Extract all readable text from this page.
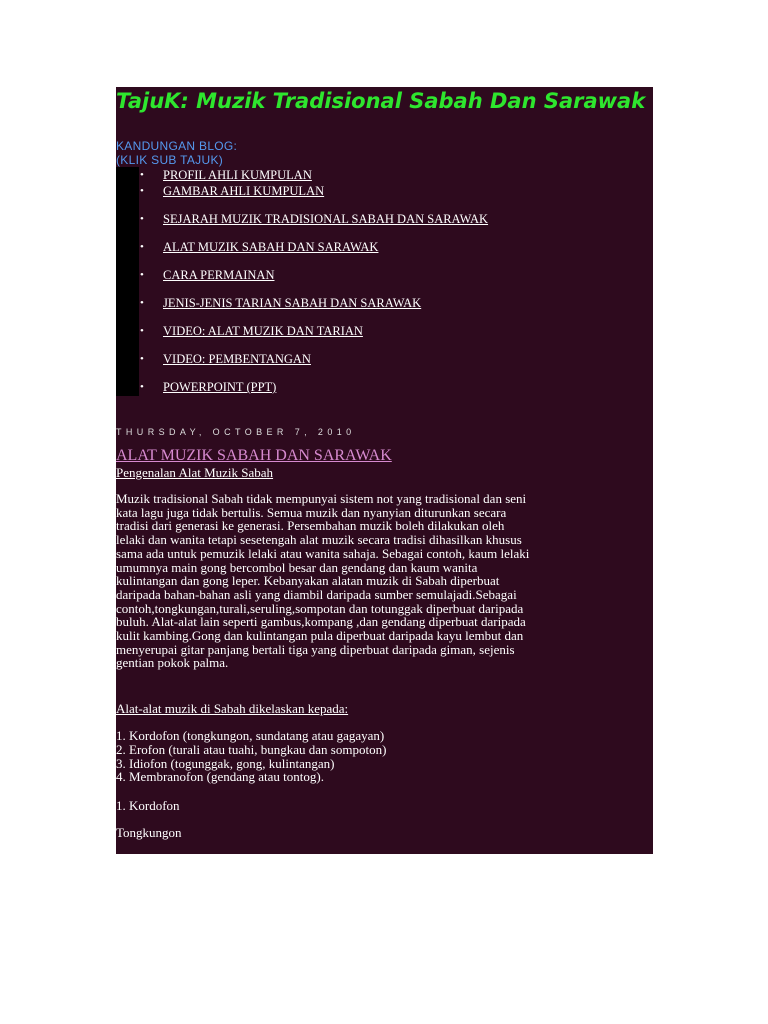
TajuK: Muzik Tradisional Sabah Dan Sarawak
KANDUNGAN BLOG:
(KLIK SUB TAJUK)
• PROFIL AHLI KUMPULAN
• GAMBAR AHLI KUMPULAN
• SEJARAH MUZIK TRADISIONAL SABAH DAN SARAWAK
• ALAT MUZIK SABAH DAN SARAWAK
• CARA PERMAINAN
• JENIS-JENIS TARIAN SABAH DAN SARAWAK
• VIDEO: ALAT MUZIK DAN TARIAN
• VIDEO: PEMBENTANGAN
• POWERPOINT (PPT)
THURSDAY, OCTOBER 7, 2010
ALAT MUZIK SABAH DAN SARAWAK
Pengenalan Alat Muzik Sabah
Muzik tradisional Sabah tidak mempunyai sistem not yang tradisional dan seni
kata lagu juga tidak bertulis. Semua muzik dan nyanyian diturunkan secara
tradisi dari generasi ke generasi. Persembahan muzik boleh dilakukan oleh
lelaki dan wanita tetapi sesetengah alat muzik secara tradisi dihasilkan khusus
sama ada untuk pemuzik lelaki atau wanita sahaja. Sebagai contoh, kaum lelaki
umumnya main gong bercombol besar dan gendang dan kaum wanita
kulintangan dan gong leper. Kebanyakan alatan muzik di Sabah diperbuat
daripada bahan-bahan asli yang diambil daripada sumber semulajadi.Sebagai
contoh,tongkungan,turali,seruling,sompotan dan totunggak diperbuat daripada
buluh. Alat-alat lain seperti gambus,kompang ,dan gendang diperbuat daripada
kulit kambing.Gong dan kulintangan pula diperbuat daripada kayu lembut dan
menyerupai gitar panjang bertali tiga yang diperbuat daripada giman, sejenis
gentian pokok palma.
Alat-alat muzik di Sabah dikelaskan kepada:
1. Kordofon (tongkungon, sundatang atau gagayan)
2. Erofon (turali atau tuahi, bungkau dan sompoton)
3. Idiofon (togunggak, gong, kulintangan)
4. Membranofon (gendang atau tontog).
1. Kordofon
Tongkungon
